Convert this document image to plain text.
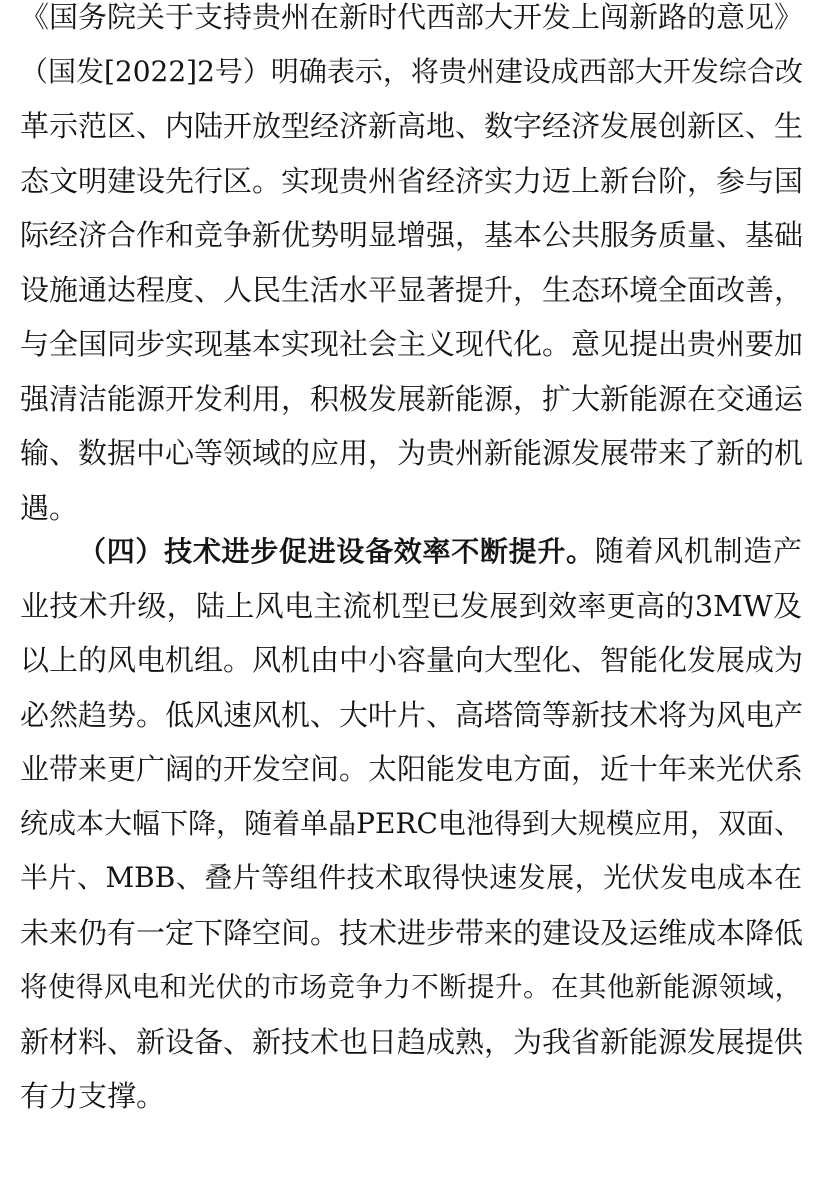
《国务院关于支持贵州在新时代西部大开发上闯新路的意见》
（国发[2022]2号）明确表示，将贵州建设成西部大开发综合改
革示范区、内陆开放型经济新高地、数字经济发展创新区、生
态文明建设先行区。实现贵州省经济实力迈上新台阶，参与国
际经济合作和竞争新优势明显增强，基本公共服务质量、基础
设施通达程度、人民生活水平显著提升，生态环境全面改善，
与全国同步实现基本实现社会主义现代化。意见提出贵州要加
强清洁能源开发利用，积极发展新能源，扩大新能源在交通运
输、数据中心等领域的应用，为贵州新能源发展带来了新的机
遇。
（四）技术进步促进设备效率不断提升。随着风机制造产
业技术升级，陆上风电主流机型已发展到效率更高的3MW及
以上的风电机组。风机由中小容量向大型化、智能化发展成为
必然趋势。低风速风机、大叶片、高塔筒等新技术将为风电产
业带来更广阔的开发空间。太阳能发电方面，近十年来光伏系
统成本大幅下降，随着单晶PERC电池得到大规模应用，双面、
半片、MBB、叠片等组件技术取得快速发展，光伏发电成本在
未来仍有一定下降空间。技术进步带来的建设及运维成本降低
将使得风电和光伏的市场竞争力不断提升。在其他新能源领域，
新材料、新设备、新技术也日趋成熟，为我省新能源发展提供
有力支撑。
